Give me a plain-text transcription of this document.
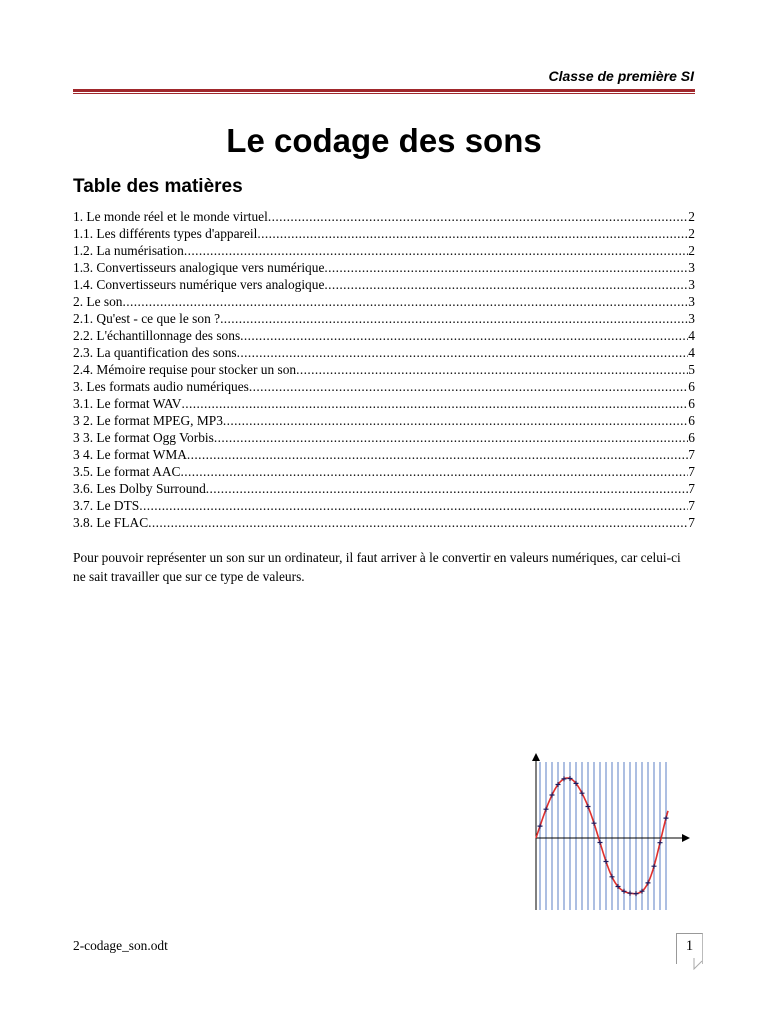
Classe de première SI
Le codage des sons
Table des matières
1. Le monde réel et le monde virtuel .....	2
1.1. Les différents types d'appareil .....	2
1.2. La numérisation .....	2
1.3. Convertisseurs analogique vers numérique .....	3
1.4. Convertisseurs numérique vers analogique .....	3
2. Le son .....	3
2.1. Qu'est - ce que le son ? .....	3
2.2. L'échantillonnage des sons .....	4
2.3. La quantification des sons .....	4
2.4. Mémoire requise pour stocker un son .....	5
3. Les formats audio numériques .....	6
3.1. Le format WAV .....	6
3 2. Le format MPEG, MP3 .....	6
3 3. Le format Ogg Vorbis .....	6
3 4. Le format WMA .....	7
3.5. Le format AAC .....	7
3.6. Les Dolby Surround .....	7
3.7. Le DTS .....	7
3.8. Le FLAC .....	7

Pour pouvoir représenter un son sur un ordinateur, il faut arriver à le convertir en valeurs numériques, car celui-ci ne sait travailler que sur ce type de valeurs.

2-codage_son.odt	1
